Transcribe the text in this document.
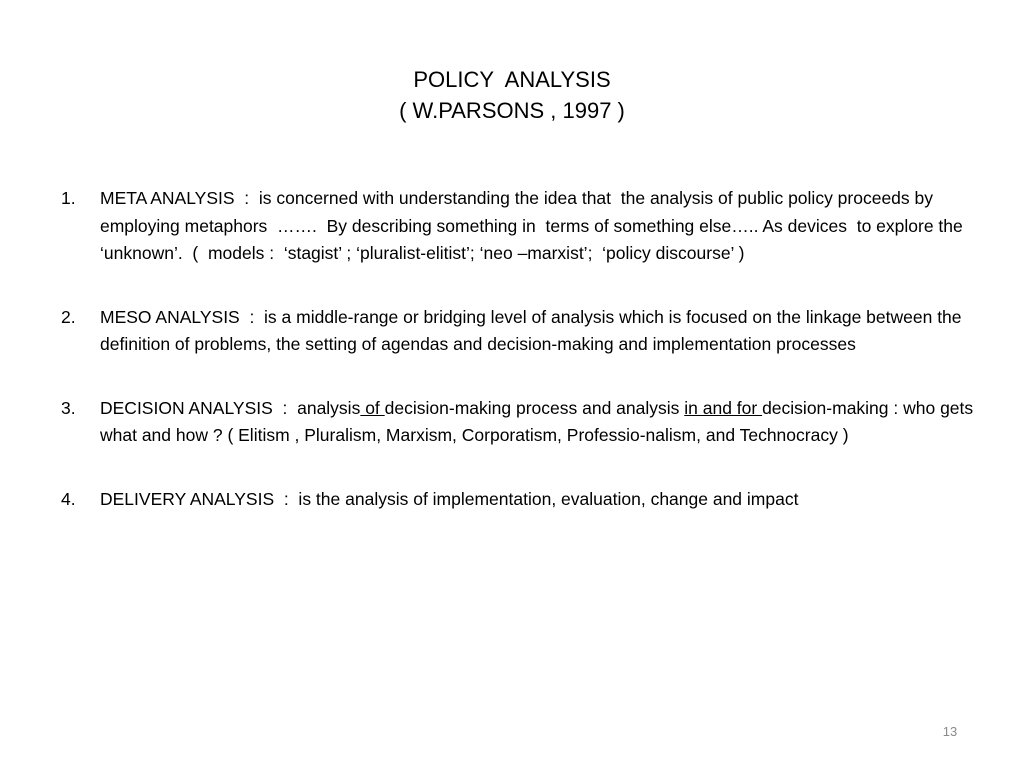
POLICY  ANALYSIS
( W.PARSONS , 1997 )
1. META ANALYSIS  :  is concerned with understanding the idea that  the analysis of public policy proceeds by employing metaphors  …….  By describing something in  terms of something else….. As devices  to explore the ‘unknown’.  (  models :  ‘stagist’ ; ‘pluralist-elitist’; ‘neo –marxist’;  ‘policy discourse’ )
2. MESO ANALYSIS  :  is a middle-range or bridging level of analysis which is focused on the linkage between the definition of problems, the setting of agendas and decision-making and implementation processes
3. DECISION ANALYSIS  :  analysis of decision-making process and analysis in and for decision-making : who gets what and how ? ( Elitism , Pluralism, Marxism, Corporatism, Professio-nalism, and Technocracy )
4. DELIVERY ANALYSIS  :  is the analysis of implementation, evaluation, change and impact
13
